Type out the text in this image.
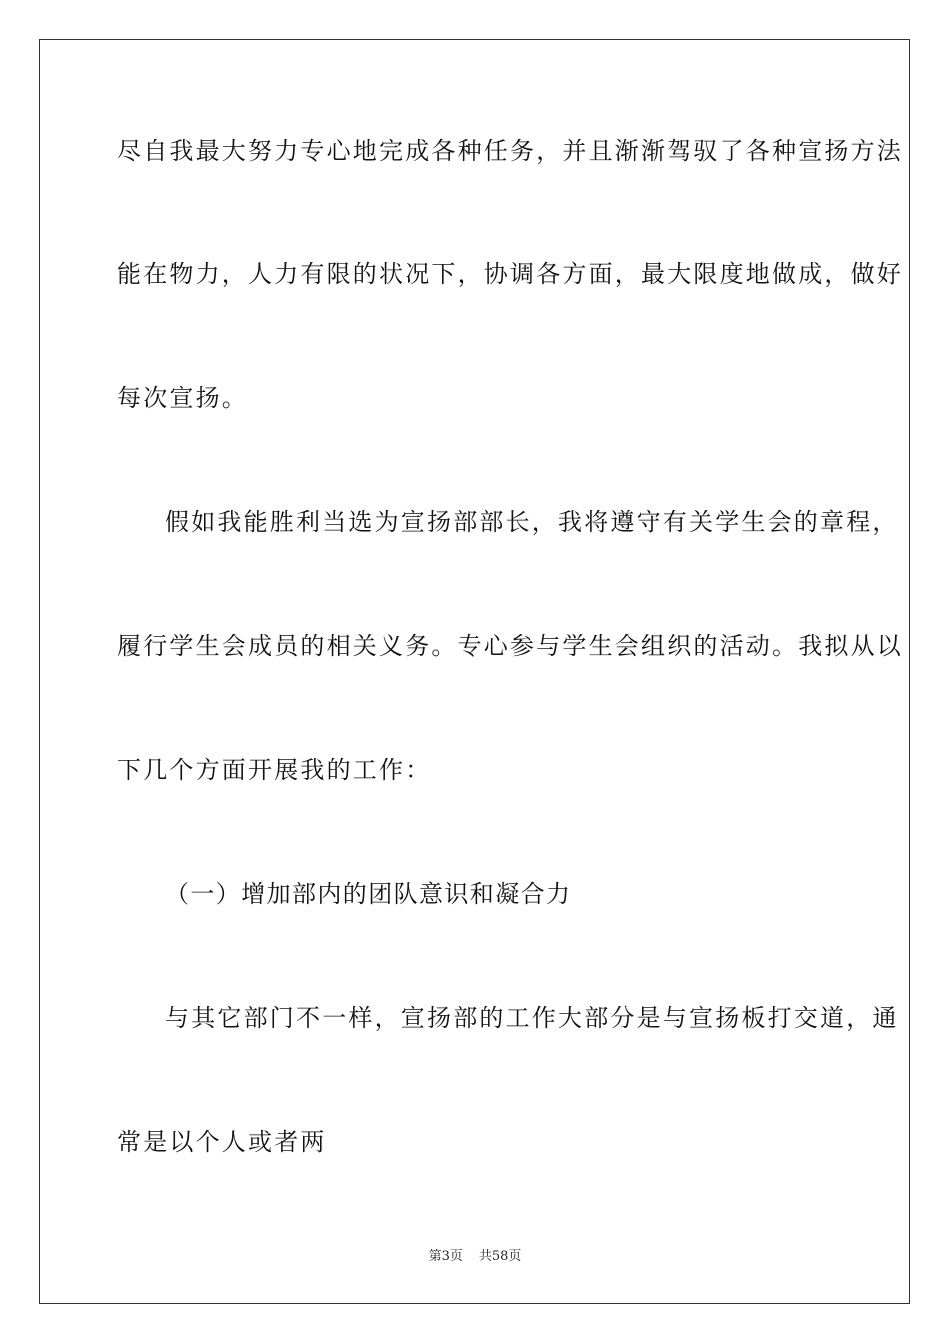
尽自我最大努力专心地完成各种任务，并且渐渐驾驭了各种宣扬方法
能在物力，人力有限的状况下，协调各方面，最大限度地做成，做好
每次宣扬。
假如我能胜利当选为宣扬部部长，我将遵守有关学生会的章程，
履行学生会成员的相关义务。专心参与学生会组织的活动。我拟从以
下几个方面开展我的工作：
（一）增加部内的团队意识和凝合力
与其它部门不一样，宣扬部的工作大部分是与宣扬板打交道，通
常是以个人或者两
第3页 共58页
